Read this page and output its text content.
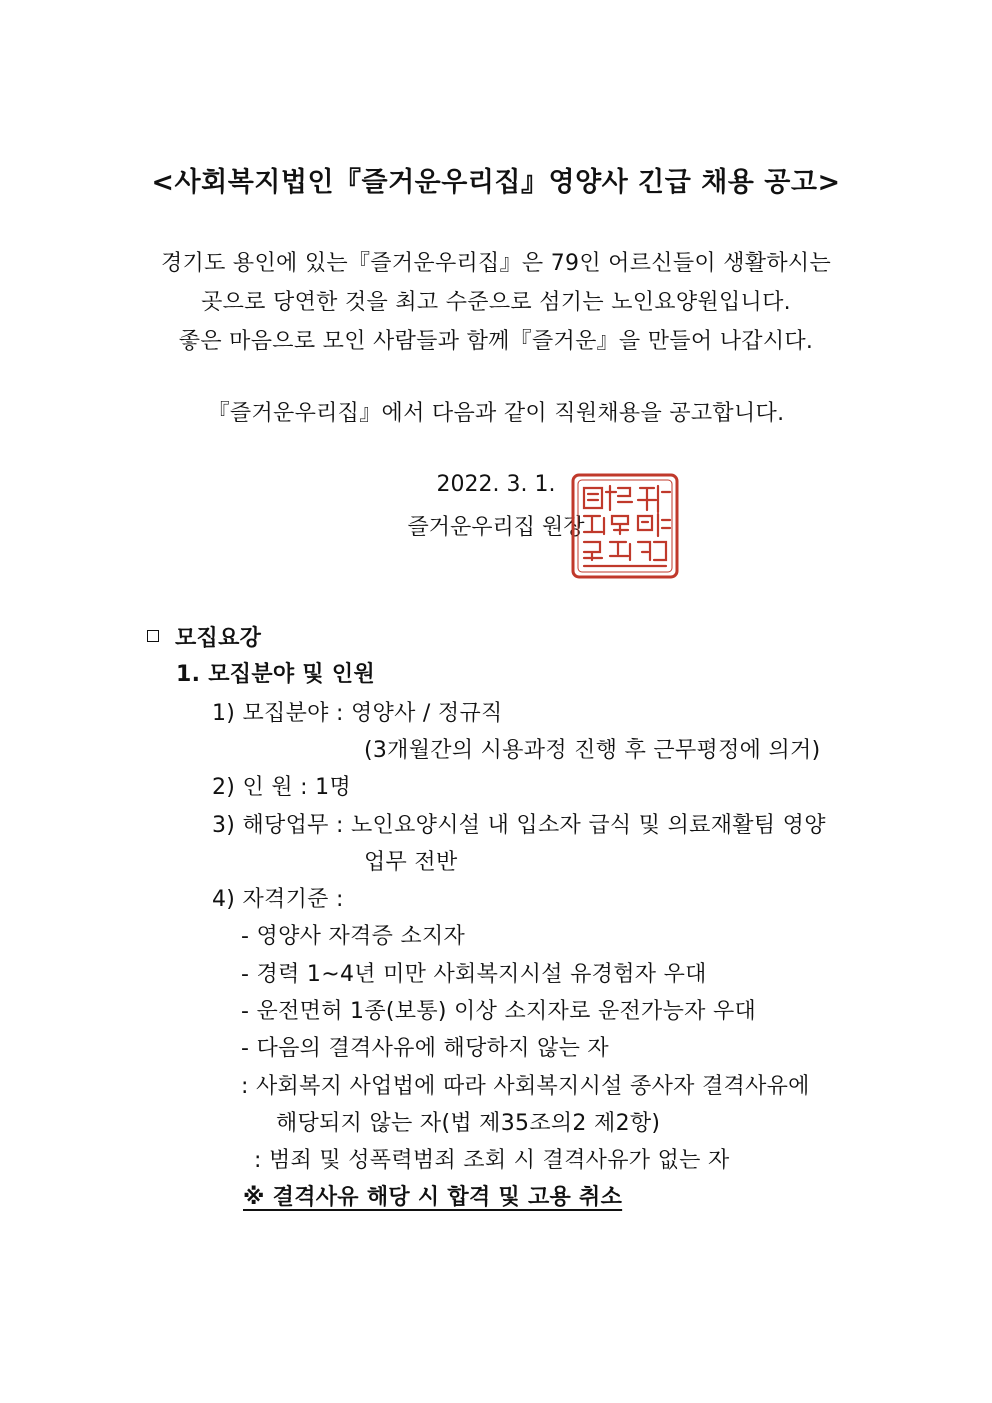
<사회복지법인『즐거운우리집』영양사 긴급 채용 공고>
경기도 용인에 있는『즐거운우리집』은 79인 어르신들이 생활하시는
곳으로 당연한 것을 최고 수준으로 섬기는 노인요양원입니다.
좋은 마음으로 모인 사람들과 함께『즐거운』을 만들어 나갑시다.
『즐거운우리집』에서 다음과 같이 직원채용을 공고합니다.
2022. 3. 1.
즐거운우리집 원장
모집요강
1. 모집분야 및 인원
1) 모집분야 : 영양사 / 정규직
(3개월간의 시용과정 진행 후 근무평정에 의거)
2) 인 원 : 1명
3) 해당업무 : 노인요양시설 내 입소자 급식 및 의료재활팀 영양
업무 전반
4) 자격기준 :
- 영양사 자격증 소지자
- 경력 1~4년 미만 사회복지시설 유경험자 우대
- 운전면허 1종(보통) 이상 소지자로 운전가능자 우대
- 다음의 결격사유에 해당하지 않는 자
: 사회복지 사업법에 따라 사회복지시설 종사자 결격사유에
해당되지 않는 자(법 제35조의2 제2항)
: 범죄 및 성폭력범죄 조회 시 결격사유가 없는 자
※ 결격사유 해당 시 합격 및 고용 취소
